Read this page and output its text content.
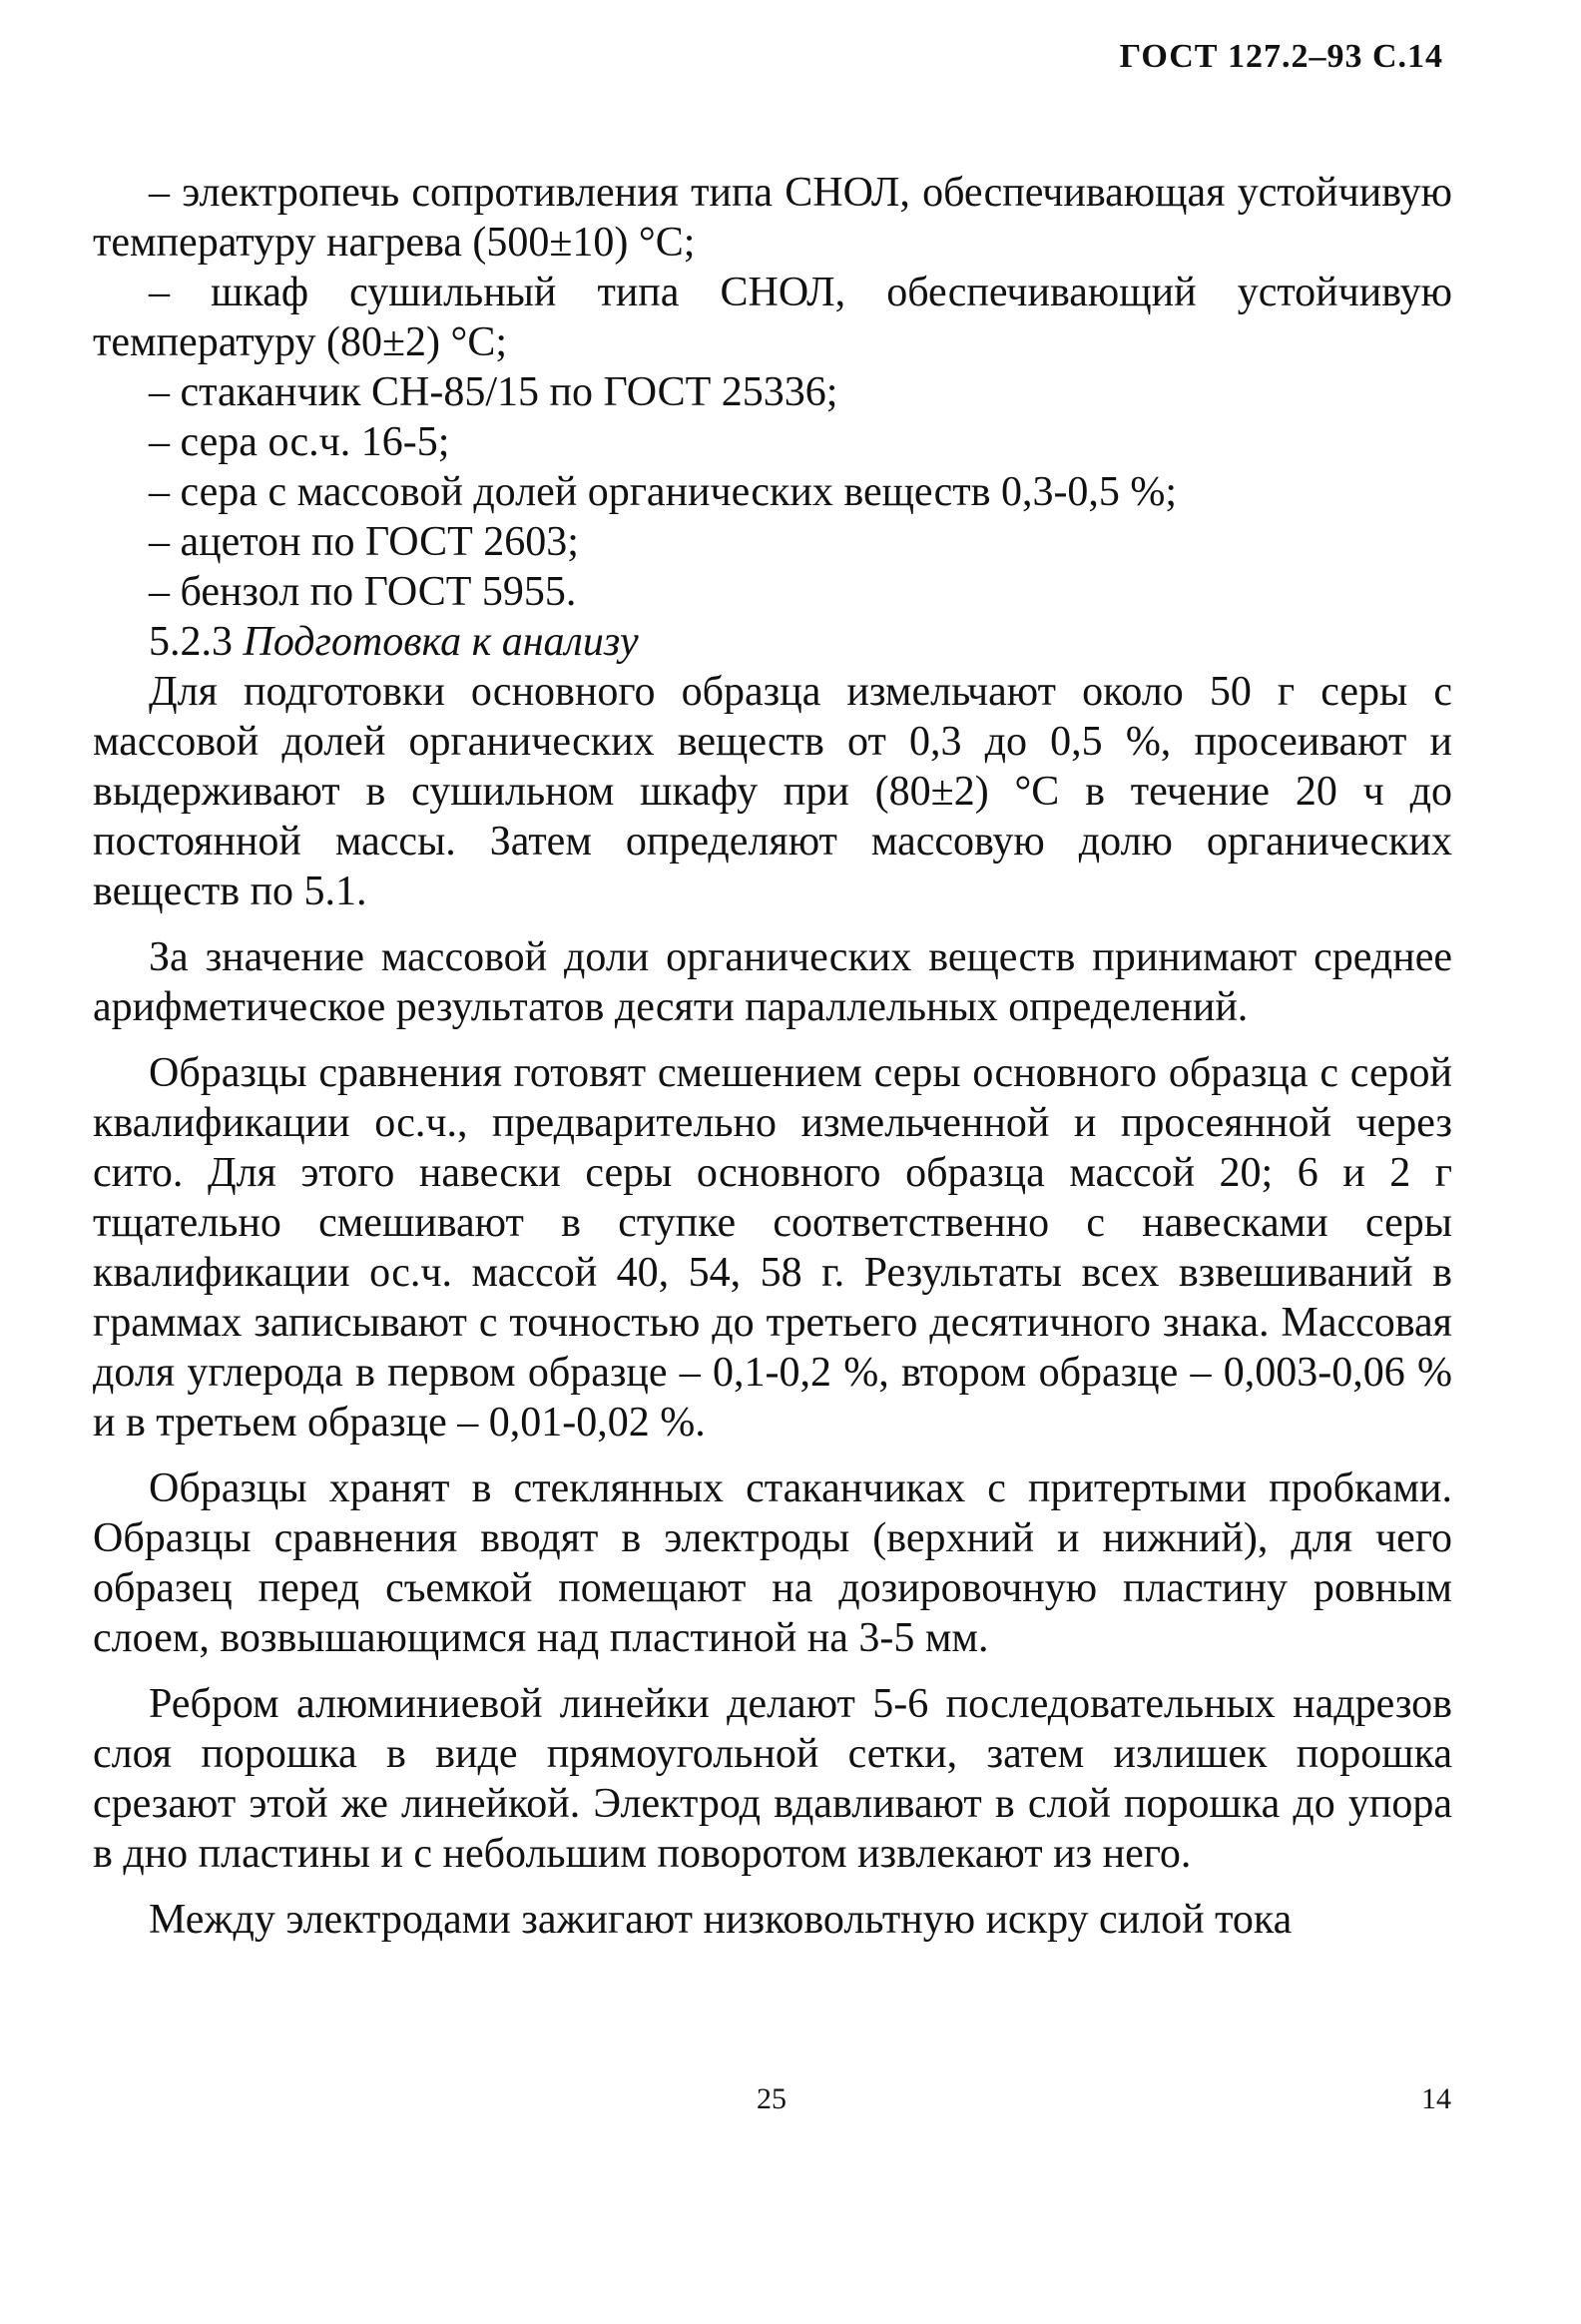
ГОСТ 127.2–93 С.14

– электропечь сопротивления типа СНОЛ, обеспечивающая устойчивую температуру нагрева (500±10) °С;

– шкаф сушильный типа СНОЛ, обеспечивающий устойчивую температуру (80±2) °С;

– стаканчик СН-85/15 по ГОСТ 25336;

– сера ос.ч. 16-5;

– сера с массовой долей органических веществ 0,3-0,5 %;

– ацетон по ГОСТ 2603;

– бензол по ГОСТ 5955.

5.2.3 Подготовка к анализу

Для подготовки основного образца измельчают около 50 г серы с массовой долей органических веществ от 0,3 до 0,5 %, просеивают и выдерживают в сушильном шкафу при (80±2) °С в течение 20 ч до постоянной массы. Затем определяют массовую долю органических веществ по 5.1.

За значение массовой доли органических веществ принимают среднее арифметическое результатов десяти параллельных определений.

Образцы сравнения готовят смешением серы основного образца с серой квалификации ос.ч., предварительно измельченной и просеянной через сито. Для этого навески серы основного образца массой 20; 6 и 2 г тщательно смешивают в ступке соответственно с навесками серы квалификации ос.ч. массой 40, 54, 58 г. Результаты всех взвешиваний в граммах записывают с точностью до третьего десятичного знака. Массовая доля углерода в первом образце – 0,1-0,2 %, втором образце – 0,003-0,06 % и в третьем образце – 0,01-0,02 %.

Образцы хранят в стеклянных стаканчиках с притертыми пробками. Образцы сравнения вводят в электроды (верхний и нижний), для чего образец перед съемкой помещают на дозировочную пластину ровным слоем, возвышающимся над пластиной на 3-5 мм.

Ребром алюминиевой линейки делают 5-6 последовательных надрезов слоя порошка в виде прямоугольной сетки, затем излишек порошка срезают этой же линейкой. Электрод вдавливают в слой порошка до упора в дно пластины и с небольшим поворотом извлекают из него.

Между электродами зажигают низковольтную искру силой тока

25	14
